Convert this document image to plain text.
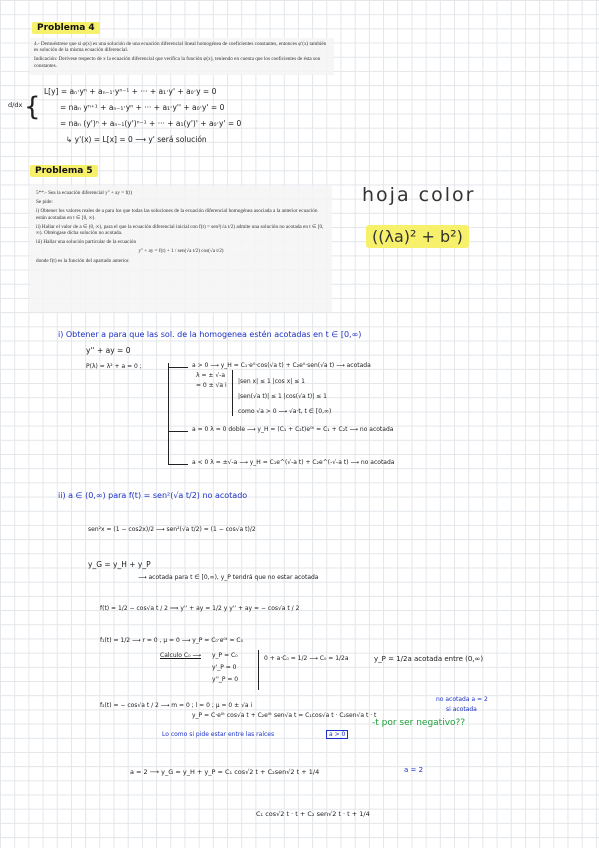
Problema 4

4.- Demuéstrese que si φ(x) es una solución de una ecuación diferencial lineal homogénea de coeficientes constantes, entonces φ'(x) también es solución de la misma ecuación diferencial.

Indicación: Derívese respecto de x la ecuación diferencial que verifica la función φ(x), teniendo en cuenta que los coeficientes de ésta son constantes.

d/dx {
L[y] = aₙ·yⁿ + aₙ₋₁·yⁿ⁻¹ + ··· + a₁·y' + a₀·y = 0
= naₙ yⁿ⁺¹ + aₙ₋₁·yⁿ + ··· + a₁·y'' + a₀·y' = 0
= naₙ (y')ⁿ + aₙ₋₁(y')ⁿ⁻¹ + ··· + a₁(y')' + a₀·y' = 0
↳ y'(x) = L[x] = 0 ⟶ y' será solución
Problema 5

5**.- Sea la ecuación diferencial y'' + ay = f(t)

Se pide:

i) Obtener los valores reales de a para los que todas las soluciones de la ecuación diferencial homogénea asociada a la anterior ecuación están acotadas en t ∈ [0, ∞).

ii) Hallar el valor de a ∈ (0, ∞), para el que la ecuación diferencial inicial con f(t) = sen²(√a t/2) admite una solución no acotada en t ∈ [0, ∞). Obténgase dicha solución no acotada.

iii) Hallar una solución particular de la ecuación

y'' + ay = f(t) + 1 / sen(√a t/2) cos(√a t/2)

donde f(t) es la función del apartado anterior.

hoja color
((λa)² + b²)
i) Obtener a para que las sol. de la homogenea estén acotadas en t ∈ [0,∞)
y'' + ay = 0
P(λ) = λ² + a = 0 ;	a > 0 ⟶ y_H = C₁·e⁰·cos(√a t) + C₂e⁰·sen(√a t) ⟶ acotada
λ = ± √-a
= 0 ± √a i
|sen x| ≤ 1 |cos x| ≤ 1
|sen(√a t)| ≤ 1 |cos(√a t)| ≤ 1
como √a > 0 ⟶ √a·t, t ∈ [0,∞)
a = 0 λ = 0 doble ⟶ y_H = (C₁ + C₂t)e⁰ᵗ = C₁ + C₂t ⟶ no acotada
a < 0 λ = ±√-a ⟶ y_H = C₁e^(√-a t) + C₂e^(-√-a t) ⟶ no acotada
ii) a ∈ (0,∞) para f(t) = sen²(√a t/2) no acotado
sen²x = (1 − cos2x)/2 ⟶ sen²(√a t/2) = (1 − cos√a t)/2
y_G = y_H + y_P
⟶ acotada para t ∈ [0,∞), y_P tendrá que no estar acotada
f(t) = 1/2 − cos√a t / 2 ⟹ y'' + ay = 1/2 y y'' + ay = − cos√a t / 2
f₁(t) = 1/2 ⟶ r = 0 , μ = 0 ⟶ y_P = C₀·e⁰ᵗ = C₀
Calculo C₀ ⟶ y_P = C₀
y'_P = 0
y''_P = 0
0 + a·C₀ = 1/2 ⟶ C₀ = 1/2a	y_P = 1/2a acotada entre (0,∞)
f₂(t) = − cos√a t / 2 ⟶ m = 0 ; l = 0 ; μ = 0 ± √a i
y_P = C·e⁰ᵗ cos√a t + C₂e⁰ᵗ sen√a t = C₁cos√a t · C₂sen√a t · t
no acotada a = 2
si acotada
Lo como si pide estar entre las raíces	a > 0
-t por ser negativo??
a = 2 ⟶ y_G = y_H + y_P = C₁ cos√2 t + C₂sen√2 t + 1/4	a = 2
C₁ cos√2 t · t + C₂ sen√2 t · t + 1/4
